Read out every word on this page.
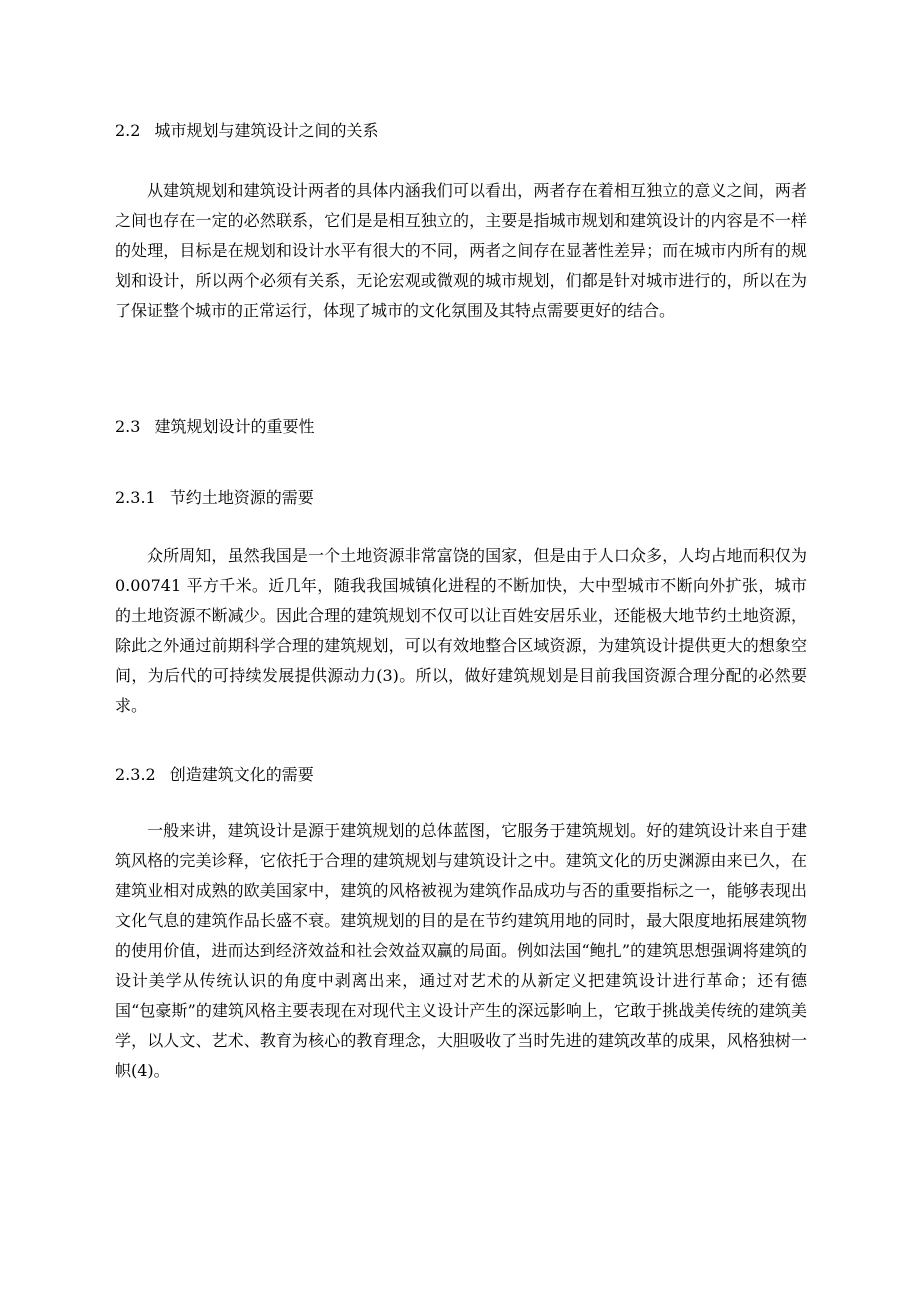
2.2 城市规划与建筑设计之间的关系
从建筑规划和建筑设计两者的具体内涵我们可以看出，两者存在着相互独立的意义之间，两者之间也存在一定的必然联系，它们是是相互独立的，主要是指城市规划和建筑设计的内容是不一样的处理，目标是在规划和设计水平有很大的不同，两者之间存在显著性差异；而在城市内所有的规划和设计，所以两个必须有关系，无论宏观或微观的城市规划，们都是针对城市进行的，所以在为了保证整个城市的正常运行，体现了城市的文化氛围及其特点需要更好的结合。
2.3 建筑规划设计的重要性
2.3.1 节约土地资源的需要
众所周知，虽然我国是一个土地资源非常富饶的国家，但是由于人口众多，人均占地而积仅为 0.00741 平方千米。近几年，随我我国城镇化进程的不断加快，大中型城市不断向外扩张，城市的土地资源不断减少。因此合理的建筑规划不仅可以让百姓安居乐业，还能极大地节约土地资源，除此之外通过前期科学合理的建筑规划，可以有效地整合区域资源，为建筑设计提供更大的想象空间，为后代的可持续发展提供源动力(3)。所以，做好建筑规划是目前我国资源合理分配的必然要求。
2.3.2 创造建筑文化的需要
一般来讲，建筑设计是源于建筑规划的总体蓝图，它服务于建筑规划。好的建筑设计来自于建筑风格的完美诊释，它依托于合理的建筑规划与建筑设计之中。建筑文化的历史渊源由来已久，在建筑业相对成熟的欧美国家中，建筑的风格被视为建筑作品成功与否的重要指标之一，能够表现出文化气息的建筑作品长盛不衰。建筑规划的目的是在节约建筑用地的同时，最大限度地拓展建筑物的使用价值，进而达到经济效益和社会效益双赢的局面。例如法国“鲍扎”的建筑思想强调将建筑的设计美学从传统认识的角度中剥离出来，通过对艺术的从新定义把建筑设计进行革命；还有德国“包豪斯”的建筑风格主要表现在对现代主义设计产生的深远影响上，它敢于挑战美传统的建筑美学，以人文、艺术、教育为核心的教育理念，大胆吸收了当时先进的建筑改革的成果，风格独树一帜(4)。
